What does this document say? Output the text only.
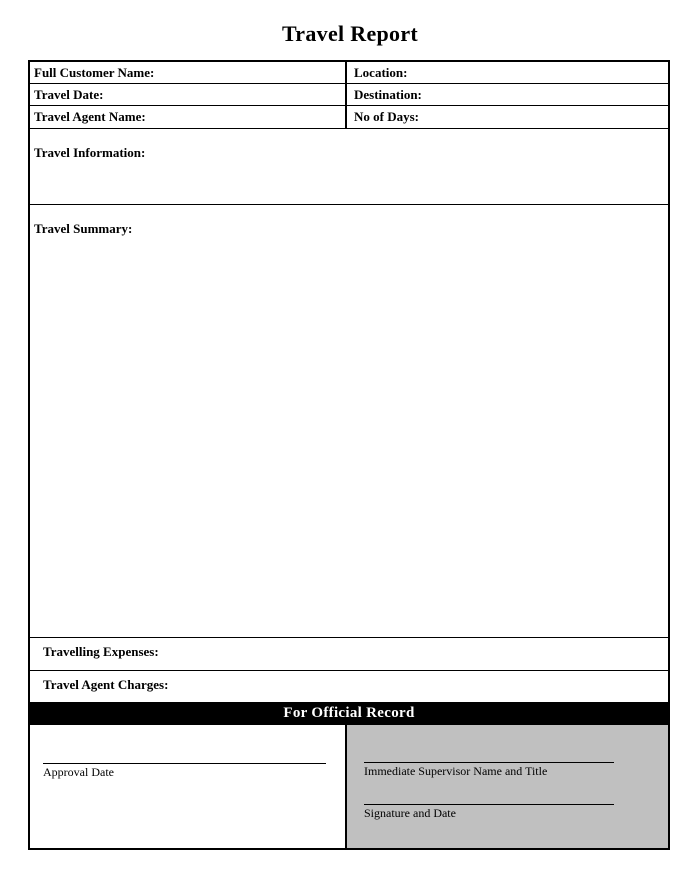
Travel Report
Full Customer Name:	Location:
Travel Date:	Destination:
Travel Agent Name:	No of Days:
Travel Information:
Travel Summary:
Travelling Expenses:
Travel Agent Charges:
For Official Record
Approval Date	Immediate Supervisor Name and Title
Signature and Date
